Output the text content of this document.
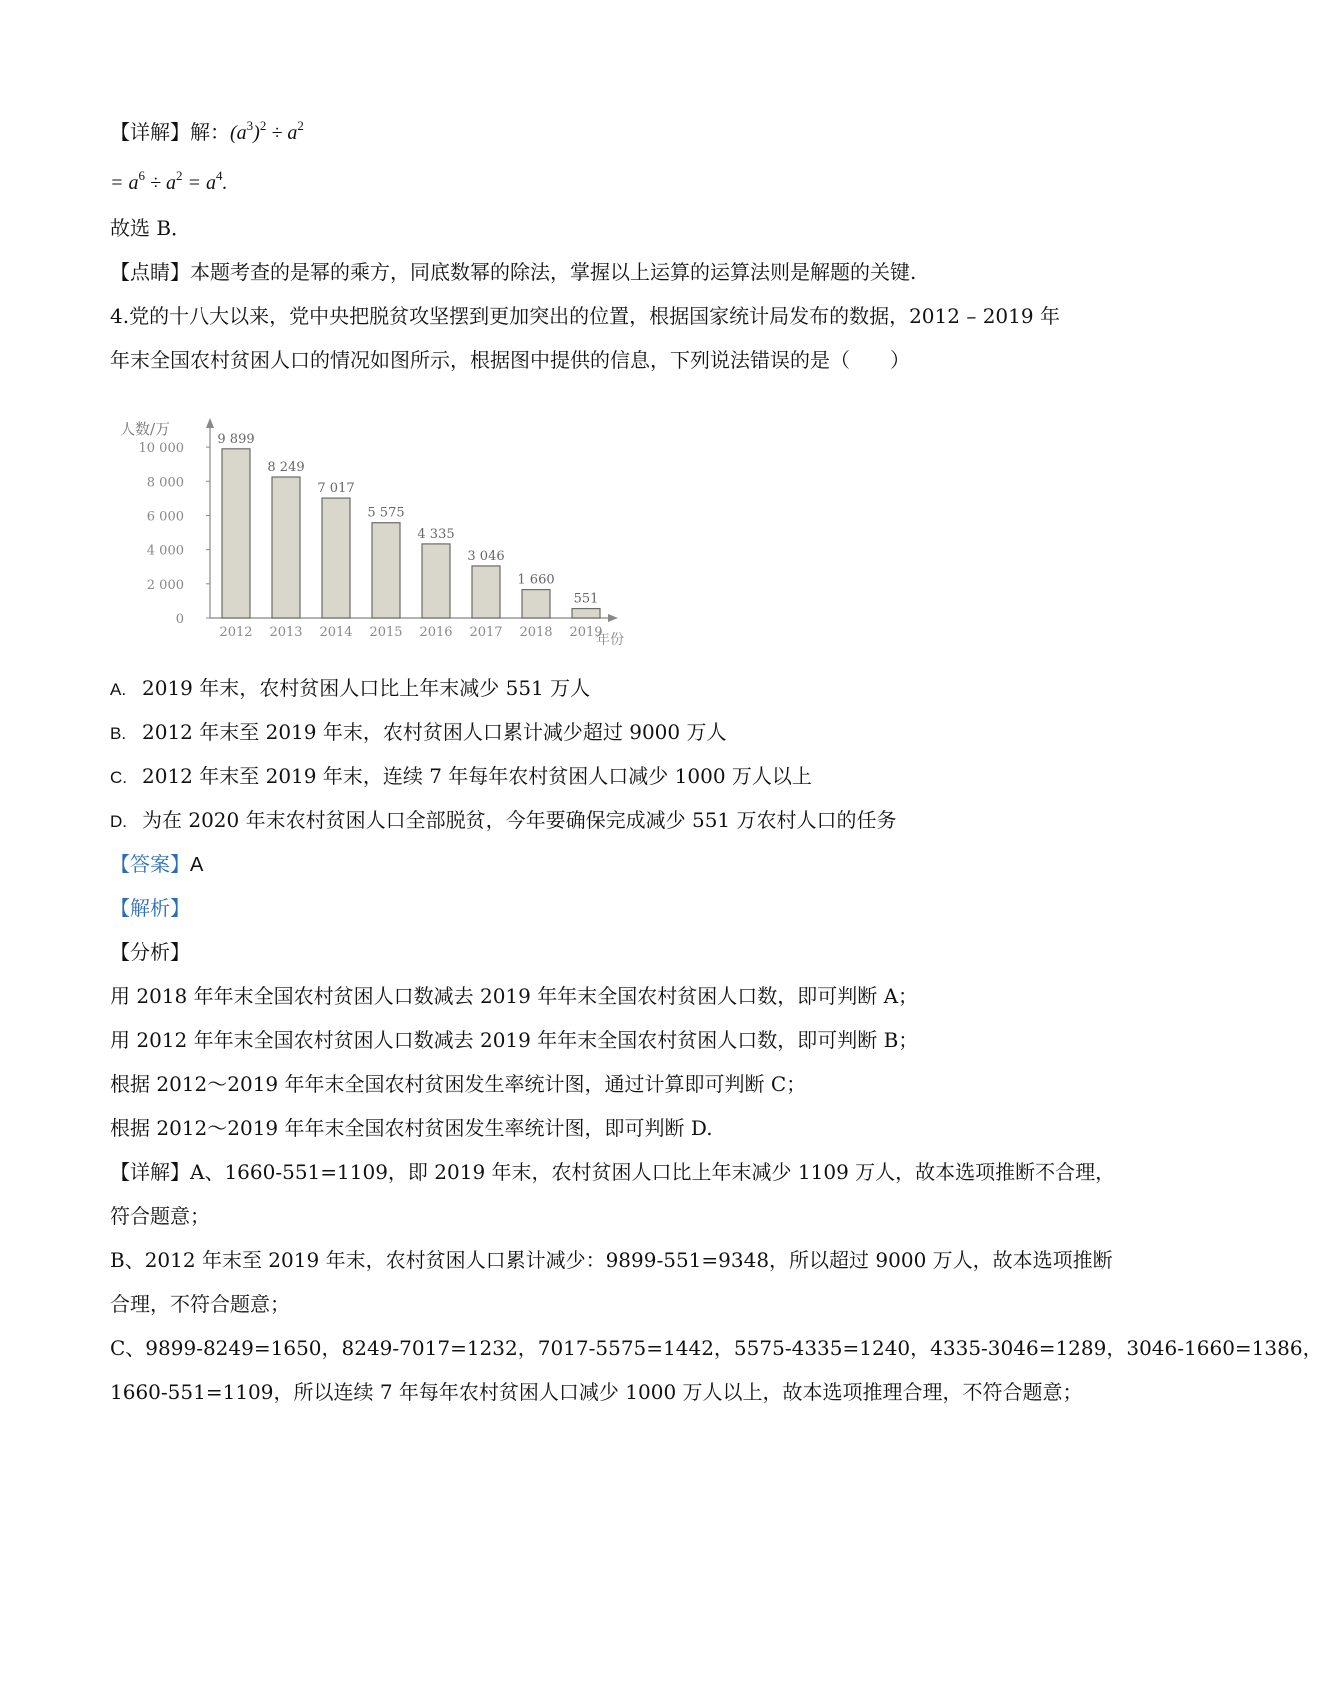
【详解】解：$(a^3)^2 \div a^2$
= $a^6 \div a^2 = a^4$.
故选 B．
【点睛】本题考查的是幂的乘方，同底数幂的除法，掌握以上运算的运算法则是解题的关键.
4.党的十八大以来，党中央把脱贫攻坚摆到更加突出的位置，根据国家统计局发布的数据，2012 – 2019 年
年末全国农村贫困人口的情况如图所示，根据图中提供的信息，下列说法错误的是（　　）
0
2 000
4 000
6 000
8 000
10 000
9 899
8 249
7 017
5 575
4 335
3 046
1 660
551
2012 2013 2014 2015 2016 2017 2018 2019
人数/万
年份
A. 2019 年末，农村贫困人口比上年末减少 551 万人
B. 2012 年末至 2019 年末，农村贫困人口累计减少超过 9000 万人
C. 2012 年末至 2019 年末，连续 7 年每年农村贫困人口减少 1000 万人以上
D. 为在 2020 年末农村贫困人口全部脱贫，今年要确保完成减少 551 万农村人口的任务
【答案】A
【解析】
【分析】
用 2018 年年末全国农村贫困人口数减去 2019 年年末全国农村贫困人口数，即可判断 A；
用 2012 年年末全国农村贫困人口数减去 2019 年年末全国农村贫困人口数，即可判断 B；
根据 2012～2019 年年末全国农村贫困发生率统计图，通过计算即可判断 C；
根据 2012～2019 年年末全国农村贫困发生率统计图，即可判断 D.
【详解】A、1660-551=1109，即 2019 年末，农村贫困人口比上年末减少 1109 万人，故本选项推断不合理，
符合题意；
B、2012 年末至 2019 年末，农村贫困人口累计减少：9899-551=9348，所以超过 9000 万人，故本选项推断
合理，不符合题意；
C、9899-8249=1650，8249-7017=1232，7017-5575=1442，5575-4335=1240，4335-3046=1289，3046-1660=1386，
1660-551=1109，所以连续 7 年每年农村贫困人口减少 1000 万人以上，故本选项推理合理，不符合题意；
